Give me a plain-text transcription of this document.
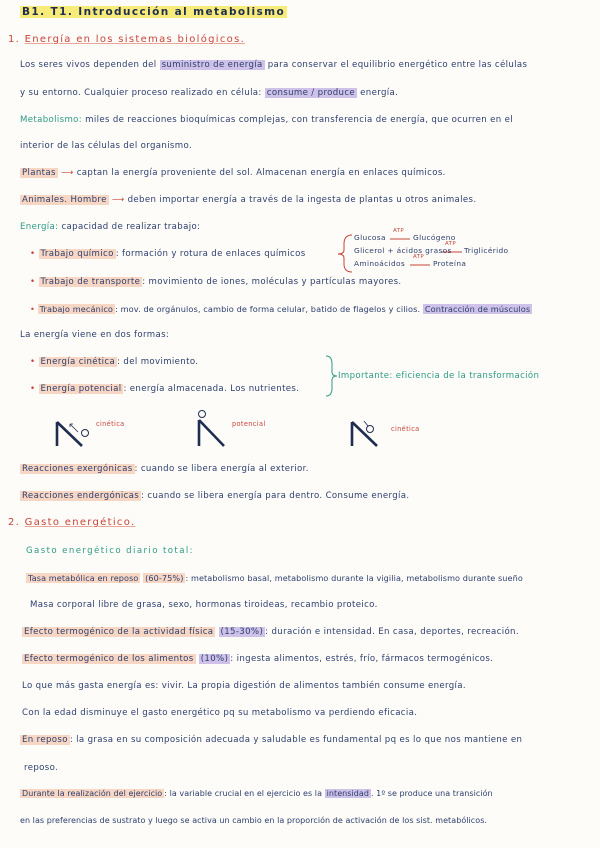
B1. T1. Introducción al metabolismo
1. Energía en los sistemas biológicos.
Los seres vivos dependen del suministro de energía para conservar el equilibrio energético entre las células
y su entorno. Cualquier proceso realizado en célula: consume / produce energía.
Metabolismo: miles de reacciones bioquímicas complejas, con transferencia de energía, que ocurren en el
interior de las células del organismo.
Plantas ⟶ captan la energía proveniente del sol. Almacenan energía en enlaces químicos.
Animales. Hombre ⟶ deben importar energía a través de la ingesta de plantas u otros animales.
Energía: capacidad de realizar trabajo:
• Trabajo químico : formación y rotura de enlaces químicos
Glucosa
ATP
Glucógeno
Glicerol + ácidos grasos
ATP
Triglicérido
Aminoácidos
ATP
Proteína
• Trabajo de transporte : movimiento de iones, moléculas y partículas mayores.
• Trabajo mecánico : mov. de orgánulos, cambio de forma celular, batido de flagelos y cilios. Contracción de músculos
La energía viene en dos formas:
• Energía cinética : del movimiento.
• Energía potencial : energía almacenada. Los nutrientes.
Importante: eficiencia de la transformación
cinética	potencial
cinética
Reacciones exergónicas : cuando se libera energía al exterior.
Reacciones endergónicas : cuando se libera energía para dentro. Consume energía.
2. Gasto energético.
Gasto energético diario total:
Tasa metabólica en reposo (60-75%) : metabolismo basal, metabolismo durante la vigilia, metabolismo durante sueño
Masa corporal libre de grasa, sexo, hormonas tiroideas, recambio proteico.
Efecto termogénico de la actividad física (15-30%) : duración e intensidad. En casa, deportes, recreación.
Efecto termogénico de los alimentos (10%) : ingesta alimentos, estrés, frío, fármacos termogénicos.
Lo que más gasta energía es: vivir. La propia digestión de alimentos también consume energía.
Con la edad disminuye el gasto energético pq su metabolismo va perdiendo eficacia.
En reposo : la grasa en su composición adecuada y saludable es fundamental pq es lo que nos mantiene en
reposo.
Durante la realización del ejercicio : la variable crucial en el ejercicio es la intensidad . 1º se produce una transición
en las preferencias de sustrato y luego se activa un cambio en la proporción de activación de los sist. metabólicos.
